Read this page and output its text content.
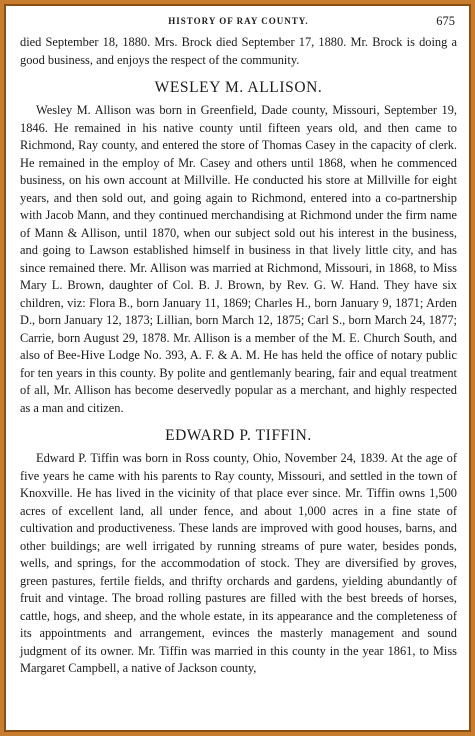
HISTORY OF RAY COUNTY.	675

died September 18, 1880. Mrs. Brock died September 17, 1880. Mr. Brock is doing a good business, and enjoys the respect of the community.

WESLEY M. ALLISON.

Wesley M. Allison was born in Greenfield, Dade county, Missouri, September 19, 1846. He remained in his native county until fifteen years old, and then came to Richmond, Ray county, and entered the store of Thomas Casey in the capacity of clerk. He remained in the employ of Mr. Casey and others until 1868, when he commenced business, on his own account at Millville. He conducted his store at Millville for eight years, and then sold out, and going again to Richmond, entered into a co-partnership with Jacob Mann, and they continued merchandising at Richmond under the firm name of Mann & Allison, until 1870, when our subject sold out his interest in the business, and going to Lawson established himself in business in that lively little city, and has since remained there. Mr. Allison was married at Richmond, Missouri, in 1868, to Miss Mary L. Brown, daughter of Col. B. J. Brown, by Rev. G. W. Hand. They have six children, viz: Flora B., born January 11, 1869; Charles H., born January 9, 1871; Arden D., born January 12, 1873; Lillian, born March 12, 1875; Carl S., born March 24, 1877; Carrie, born August 29, 1878. Mr. Allison is a member of the M. E. Church South, and also of Bee-Hive Lodge No. 393, A. F. & A. M. He has held the office of notary public for ten years in this county. By polite and gentlemanly bearing, fair and equal treatment of all, Mr. Allison has become deservedly popular as a merchant, and highly respected as a man and citizen.

EDWARD P. TIFFIN.

Edward P. Tiffin was born in Ross county, Ohio, November 24, 1839. At the age of five years he came with his parents to Ray county, Missouri, and settled in the town of Knoxville. He has lived in the vicinity of that place ever since. Mr. Tiffin owns 1,500 acres of excellent land, all under fence, and about 1,000 acres in a fine state of cultivation and productiveness. These lands are improved with good houses, barns, and other buildings; are well irrigated by running streams of pure water, besides ponds, wells, and springs, for the accommodation of stock. They are diversified by groves, green pastures, fertile fields, and thrifty orchards and gardens, yielding abundantly of fruit and vintage. The broad rolling pastures are filled with the best breeds of horses, cattle, hogs, and sheep, and the whole estate, in its appearance and the completeness of its appointments and arrangement, evinces the masterly management and sound judgment of its owner. Mr. Tiffin was married in this county in the year 1861, to Miss Margaret Campbell, a native of Jackson county,
